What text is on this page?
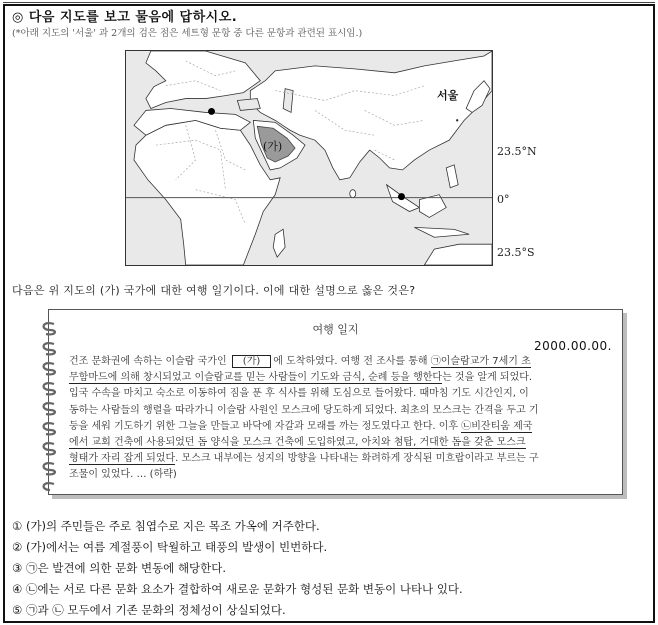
◎ 다음 지도를 보고 물음에 답하시오.
(*아래 지도의 '서울' 과 2개의 검은 점은 세트형 문항 중 다른 문항과 관련된 표시임.)
서울
(가)	23.5°N
0°
23.5°S
다음은 위 지도의 (가) 국가에 대한 여행 일기이다. 이에 대한 설명으로 옳은 것은?
여행 일지
2000.00.00.
건조 문화권에 속하는 이슬람 국가인 (가) 에 도착하였다. 여행 전 조사를 통해 ㉠이슬람교가 7세기 초
무함마드에 의해 창시되었고 이슬람교를 믿는 사람들이 기도와 금식, 순례 등을 행한다는 것을 알게 되었다.
입국 수속을 마치고 숙소로 이동하여 짐을 푼 후 식사를 위해 도심으로 들어왔다. 때마침 기도 시간인지, 이
동하는 사람들의 행렬을 따라가니 이슬람 사원인 모스크에 당도하게 되었다. 최초의 모스크는 간격을 두고 기
둥을 세워 기도하기 위한 그늘을 만들고 바닥에 자갈과 모래를 까는 정도였다고 한다. 이후 ㉡비잔티움 제국
에서 교회 건축에 사용되었던 돔 양식을 모스크 건축에 도입하였고, 아치와 첨탑, 거대한 돔을 갖춘 모스크
형태가 자리 잡게 되었다. 모스크 내부에는 성지의 방향을 나타내는 화려하게 장식된 미흐랍이라고 부르는 구
조물이 있었다. … (하략)
① (가)의 주민들은 주로 침엽수로 지은 목조 가옥에 거주한다.
② (가)에서는 여름 계절풍이 탁월하고 태풍의 발생이 빈번하다.
③ ㉠은 발견에 의한 문화 변동에 해당한다.
④ ㉡에는 서로 다른 문화 요소가 결합하여 새로운 문화가 형성된 문화 변동이 나타나 있다.
⑤ ㉠과 ㉡ 모두에서 기존 문화의 정체성이 상실되었다.
